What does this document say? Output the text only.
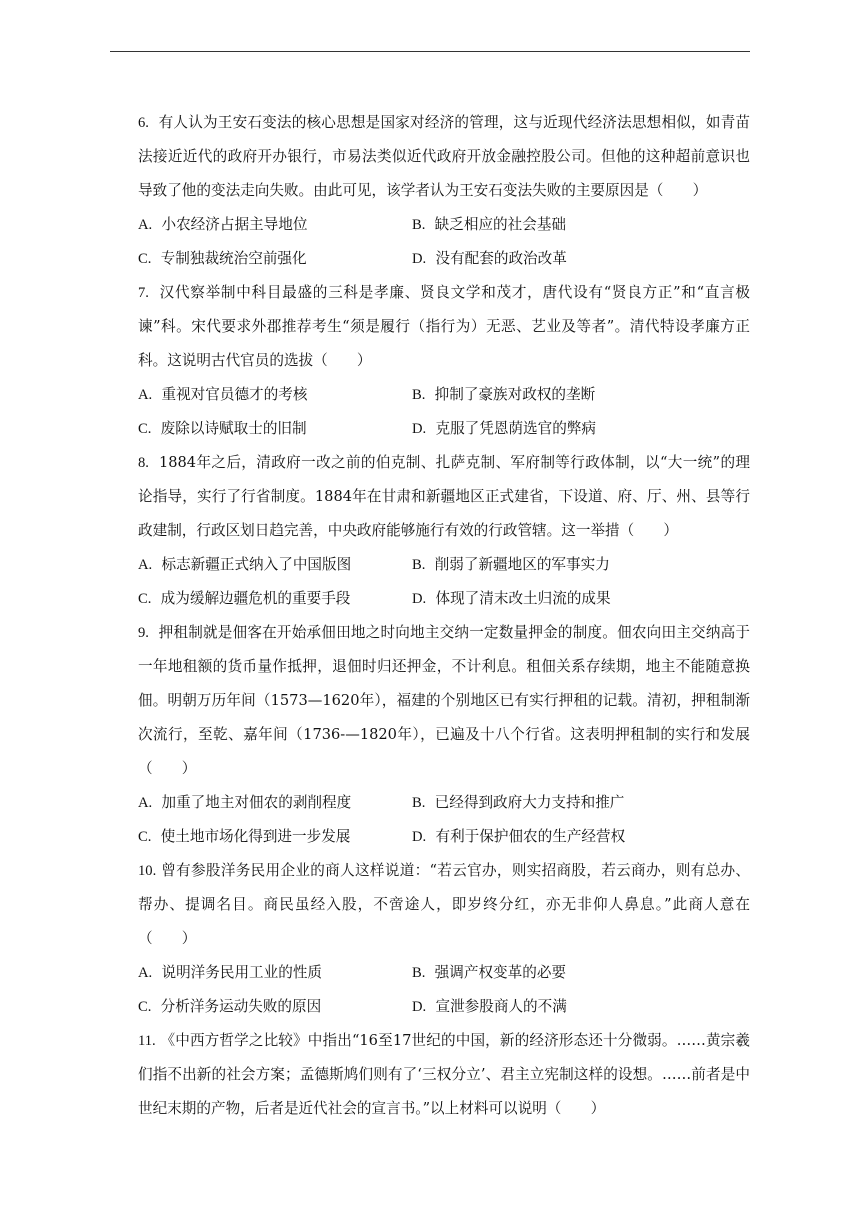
6. 有人认为王安石变法的核心思想是国家对经济的管理，这与近现代经济法思想相似，如青苗法接近近代的政府开办银行，市易法类似近代政府开放金融控股公司。但他的这种超前意识也导致了他的变法走向失败。由此可见，该学者认为王安石变法失败的主要原因是（　　）
A. 小农经济占据主导地位	B. 缺乏相应的社会基础
C. 专制独裁统治空前强化	D. 没有配套的政治改革
7. 汉代察举制中科目最盛的三科是孝廉、贤良文学和茂才，唐代设有“贤良方正”和“直言极谏”科。宋代要求外郡推荐考生“须是履行（指行为）无恶、艺业及等者”。清代特设孝廉方正科。这说明古代官员的选拔（　　）
A. 重视对官员德才的考核	B. 抑制了豪族对政权的垄断
C. 废除以诗赋取士的旧制	D. 克服了凭恩荫选官的弊病
8. 1884年之后，清政府一改之前的伯克制、扎萨克制、军府制等行政体制，以“大一统”的理论指导，实行了行省制度。1884年在甘肃和新疆地区正式建省，下设道、府、厅、州、县等行政建制，行政区划日趋完善，中央政府能够施行有效的行政管辖。这一举措（　　）
A. 标志新疆正式纳入了中国版图	B. 削弱了新疆地区的军事实力
C. 成为缓解边疆危机的重要手段	D. 体现了清末改土归流的成果
9. 押租制就是佃客在开始承佃田地之时向地主交纳一定数量押金的制度。佃农向田主交纳高于一年地租额的货币量作抵押，退佃时归还押金，不计利息。租佃关系存续期，地主不能随意换佃。明朝万历年间（1573—1620年），福建的个别地区已有实行押租的记载。清初，押租制渐次流行，至乾、嘉年间（1736-—1820年），已遍及十八个行省。这表明押租制的实行和发展（　　）
A. 加重了地主对佃农的剥削程度	B. 已经得到政府大力支持和推广
C. 使土地市场化得到进一步发展	D. 有利于保护佃农的生产经营权
10. 曾有参股洋务民用企业的商人这样说道：“若云官办，则实招商股，若云商办，则有总办、帮办、提调名目。商民虽经入股，不啻途人，即岁终分红，亦无非仰人鼻息。”此商人意在（　　）
A. 说明洋务民用工业的性质	B. 强调产权变革的必要
C. 分析洋务运动失败的原因	D. 宣泄参股商人的不满
11. 《中西方哲学之比较》中指出“16至17世纪的中国，新的经济形态还十分微弱。……黄宗羲们指不出新的社会方案；孟德斯鸠们则有了‘三权分立’、君主立宪制这样的设想。……前者是中世纪末期的产物，后者是近代社会的宣言书。”以上材料可以说明（　　）
